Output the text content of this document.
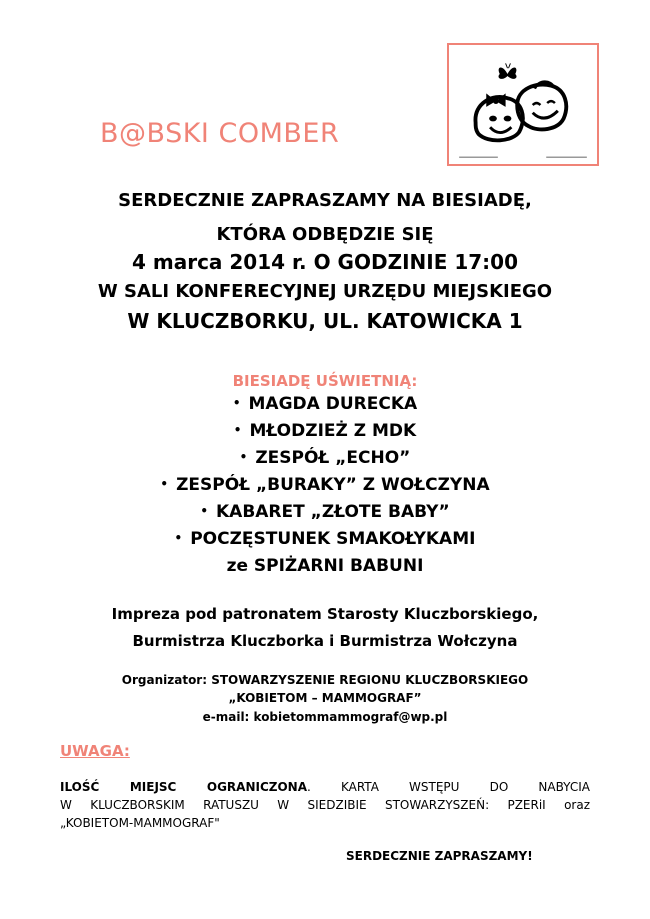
B@BSKI COMBER
SERDECZNIE ZAPRASZAMY NA BIESIADĘ,
KTÓRA ODBĘDZIE SIĘ
4 marca 2014 r. O GODZINIE 17:00
W SALI KONFERECYJNEJ URZĘDU MIEJSKIEGO
W KLUCZBORKU, UL. KATOWICKA 1
BIESIADĘ UŚWIETNIĄ:
• MAGDA DURECKA
• MŁODZIEŻ Z MDK
• ZESPÓŁ „ECHO”
• ZESPÓŁ „BURAKY” Z WOŁCZYNA
• KABARET „ZŁOTE BABY”
• POCZĘSTUNEK SMAKOŁYKAMI
ze SPIŻARNI BABUNI
Impreza pod patronatem Starosty Kluczborskiego,
Burmistrza Kluczborka i Burmistrza Wołczyna
Organizator: STOWARZYSZENIE REGIONU KLUCZBORSKIEGO
„KOBIETOM – MAMMOGRAF”
e-mail: kobietommammograf@wp.pl
UWAGA:
ILOŚĆ MIEJSC OGRANICZONA. KARTA WSTĘPU DO NABYCIA
W KLUCZBORSKIM RATUSZU W SIEDZIBIE STOWARZYSZEŃ: PZERiI oraz
„KOBIETOM-MAMMOGRAF"
SERDECZNIE ZAPRASZAMY!
